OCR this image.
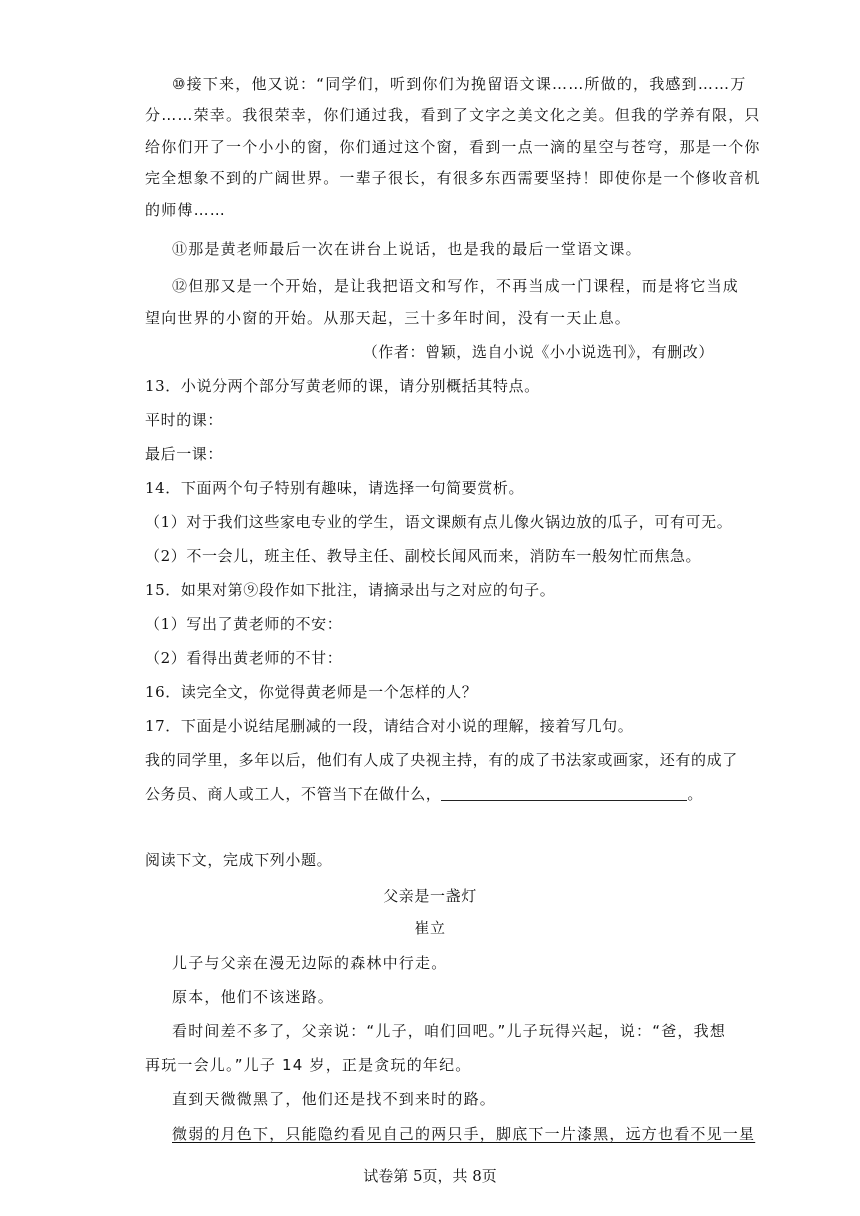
⑩接下来，他又说：“同学们，听到你们为挽留语文课……所做的，我感到……万
分……荣幸。我很荣幸，你们通过我，看到了文字之美文化之美。但我的学养有限，只
给你们开了一个小小的窗，你们通过这个窗，看到一点一滴的星空与苍穹，那是一个你
完全想象不到的广阔世界。一辈子很长，有很多东西需要坚持！即使你是一个修收音机
的师傅……
⑪那是黄老师最后一次在讲台上说话，也是我的最后一堂语文课。
⑫但那又是一个开始，是让我把语文和写作，不再当成一门课程，而是将它当成
望向世界的小窗的开始。从那天起，三十多年时间，没有一天止息。
（作者：曾颖，选自小说《小小说选刊》，有删改）
13．小说分两个部分写黄老师的课，请分别概括其特点。
平时的课：
最后一课：
14．下面两个句子特别有趣味，请选择一句简要赏析。
（1）对于我们这些家电专业的学生，语文课颇有点儿像火锅边放的瓜子，可有可无。
（2）不一会儿，班主任、教导主任、副校长闻风而来，消防车一般匆忙而焦急。
15．如果对第⑨段作如下批注，请摘录出与之对应的句子。
（1）写出了黄老师的不安：
（2）看得出黄老师的不甘：
16．读完全文，你觉得黄老师是一个怎样的人？
17．下面是小说结尾删减的一段，请结合对小说的理解，接着写几句。
我的同学里，多年以后，他们有人成了央视主持，有的成了书法家或画家，还有的成了
公务员、商人或工人，不管当下在做什么，	。
阅读下文，完成下列小题。
父亲是一盏灯
崔立
儿子与父亲在漫无边际的森林中行走。
原本，他们不该迷路。
看时间差不多了，父亲说：“儿子，咱们回吧。”儿子玩得兴起，说：“爸，我想
再玩一会儿。”儿子 14 岁，正是贪玩的年纪。
直到天微微黑了，他们还是找不到来时的路。
微弱的月色下，只能隐约看见自己的两只手，脚底下一片漆黑，远方也看不见一星
试卷第 5页，共 8页
